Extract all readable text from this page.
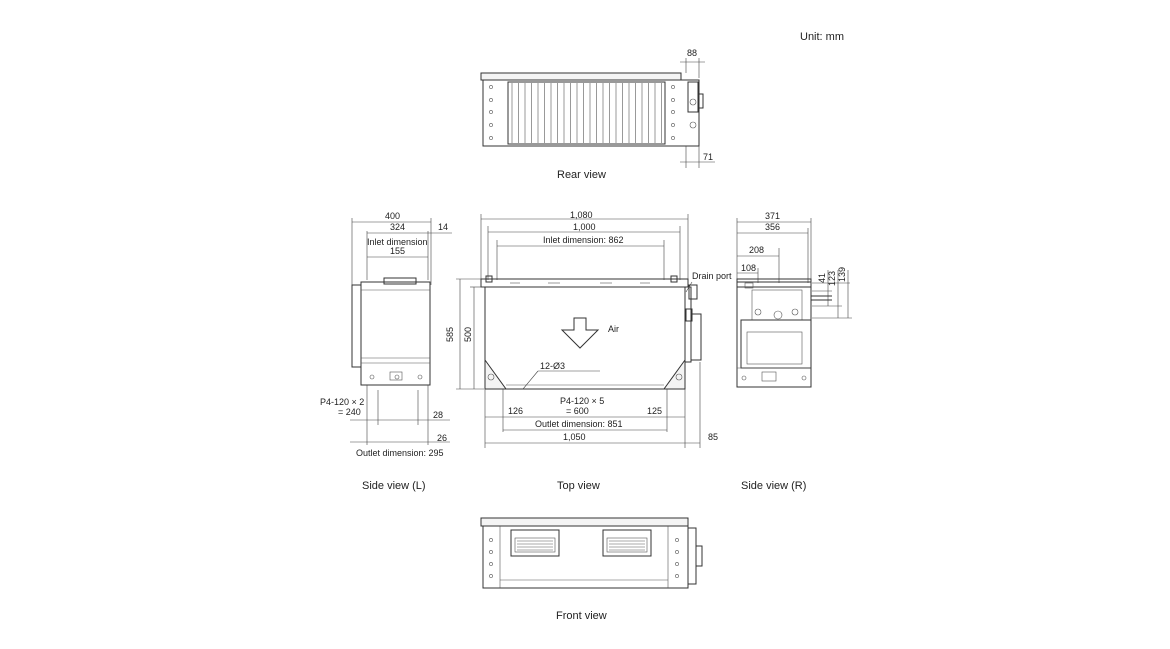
Unit: mm
88
71
Rear view
400
324	14
Inlet dimension
155
P4-120 × 2
= 240	28
26
Outlet dimension: 295
Side view (L)
1,080
1,000
Inlet dimension: 862
Air
Drain port
12-Ø3
585 500
126
P4-120 × 5
= 600	125
Outlet dimension: 851
1,050	85
Top view
371
356
208
108
41 123 139
Side view (R)
Front view
